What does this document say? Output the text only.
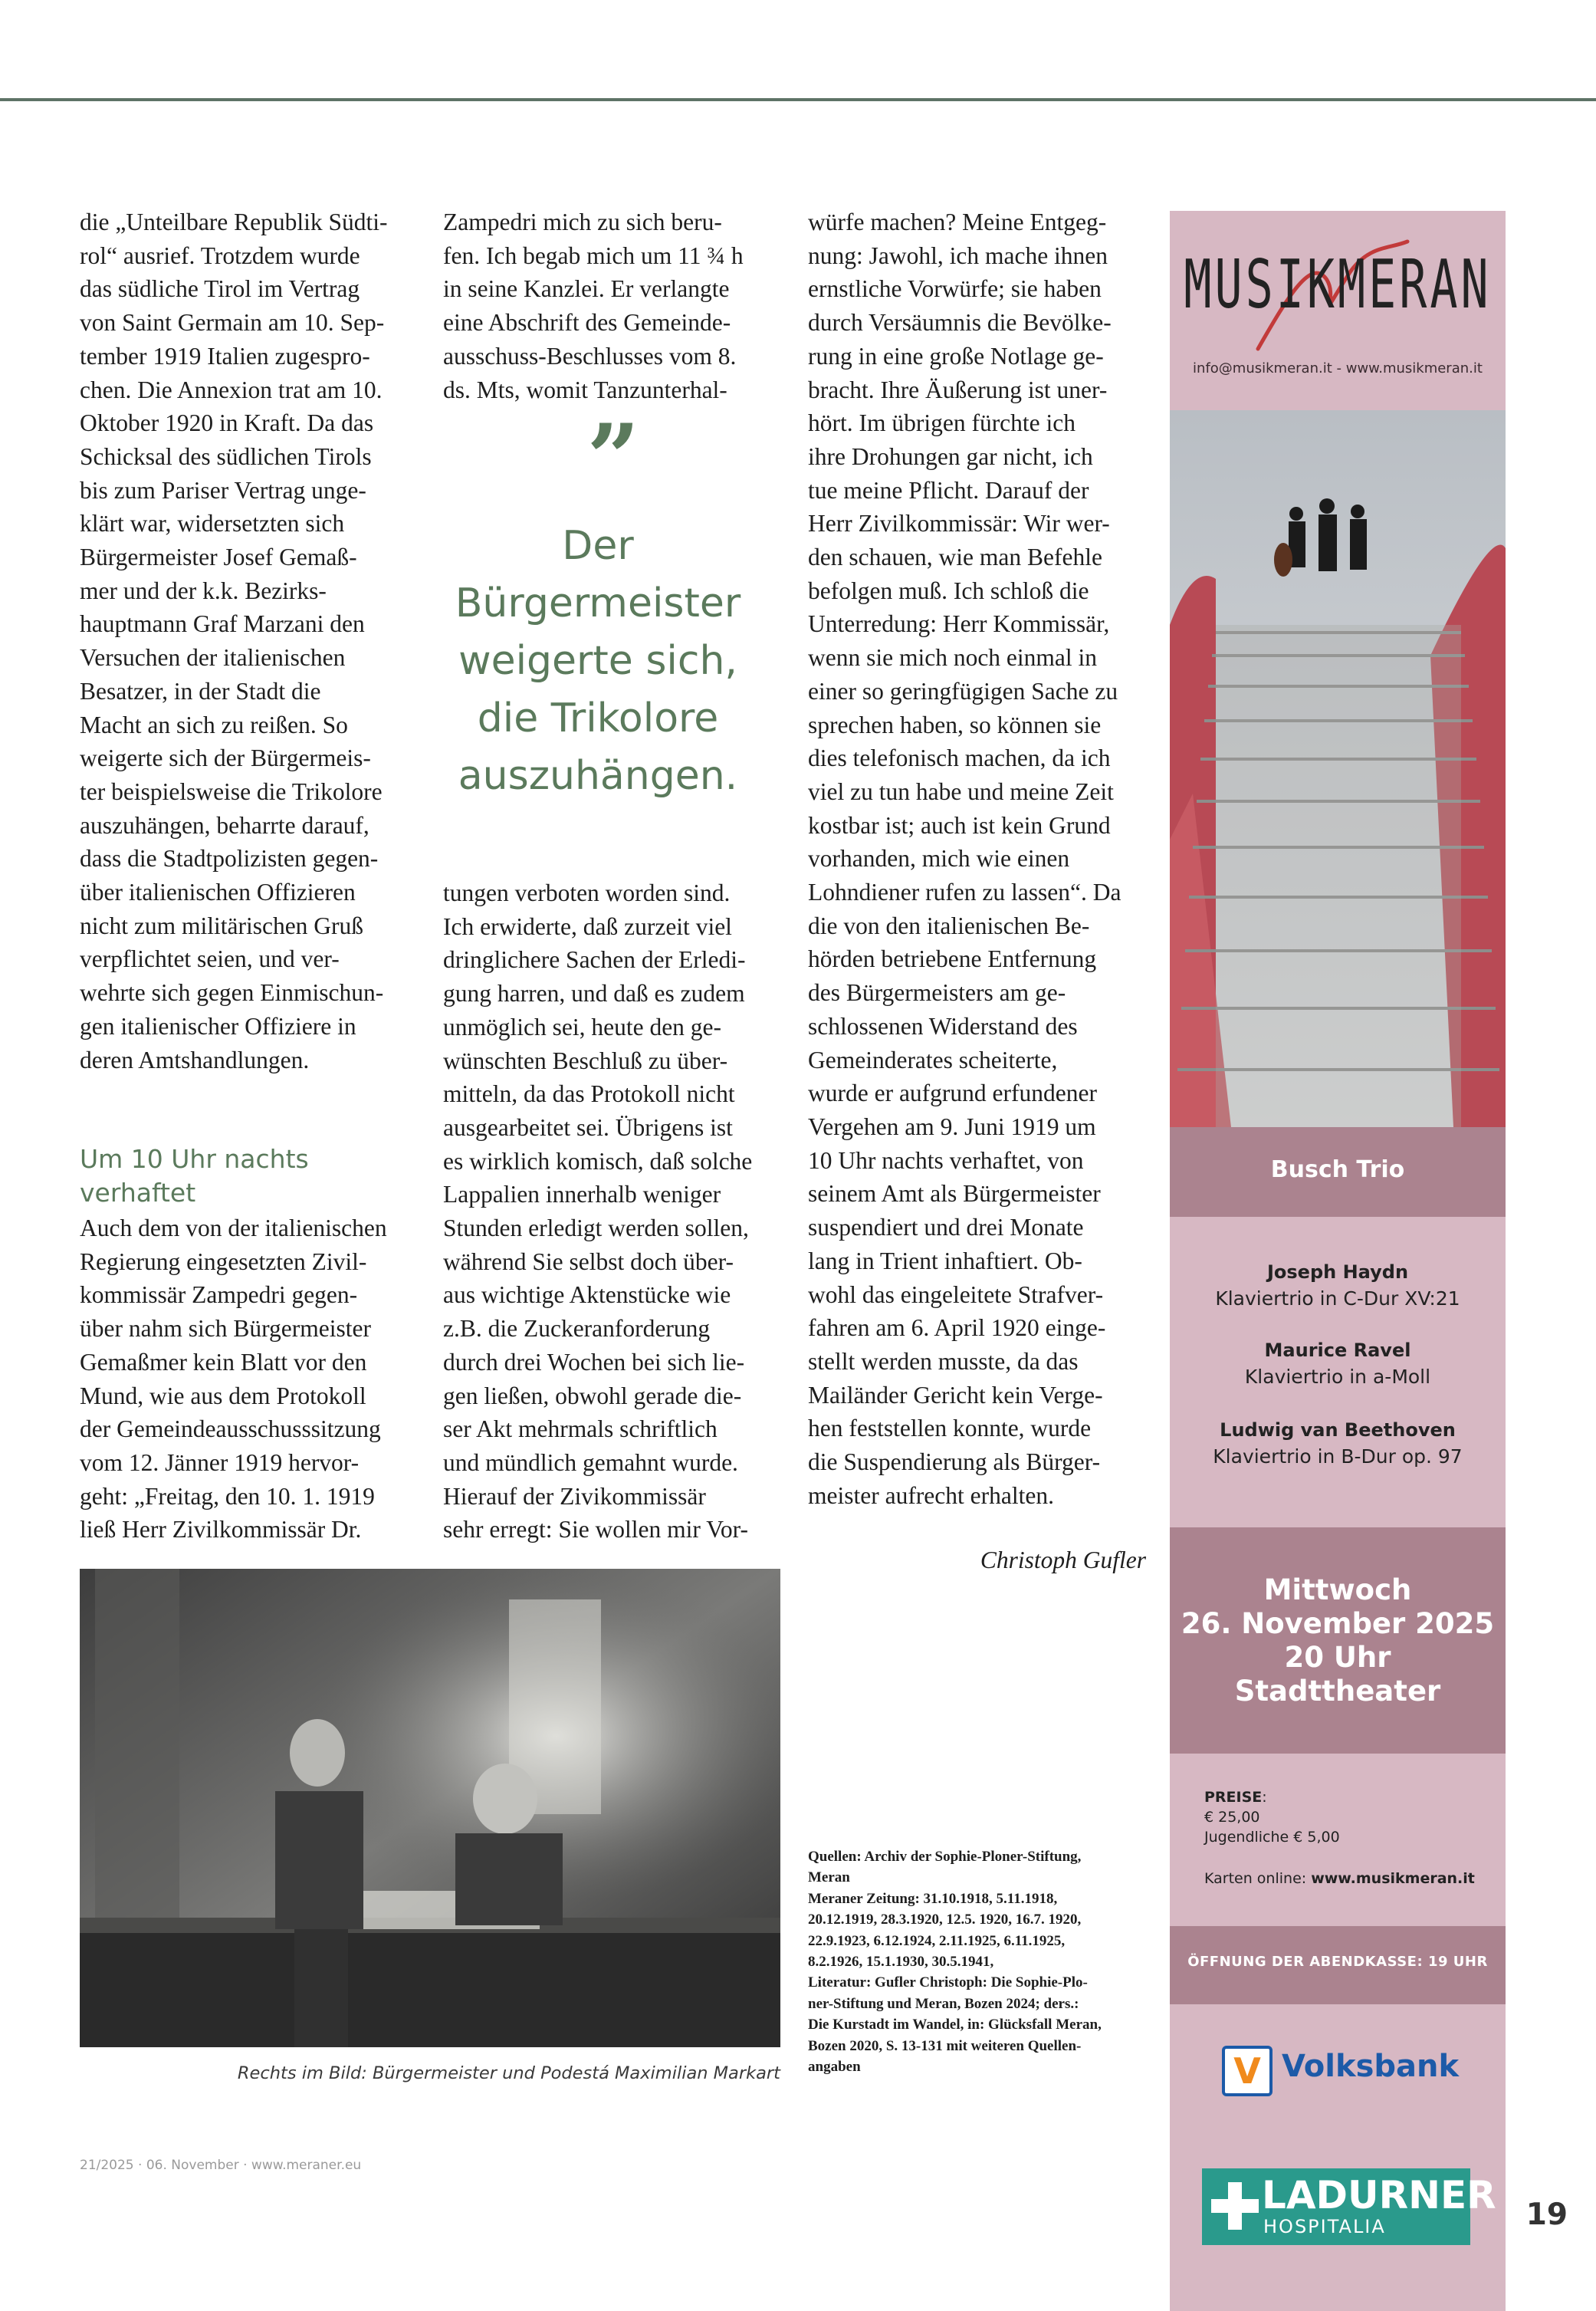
die „Unteilbare Republik Südti-
rol“ ausrief. Trotzdem wurde
das südliche Tirol im Vertrag
von Saint Germain am 10. Sep-
tember 1919 Italien zugespro-
chen. Die Annexion trat am 10.
Oktober 1920 in Kraft. Da das
Schicksal des südlichen Tirols
bis zum Pariser Vertrag unge-
klärt war, widersetzten sich
Bürgermeister Josef Gemaß-
mer und der k.k. Bezirks-
hauptmann Graf Marzani den
Versuchen der italienischen
Besatzer, in der Stadt die
Macht an sich zu reißen. So
weigerte sich der Bürgermeis-
ter beispielsweise die Trikolore
auszuhängen, beharrte darauf,
dass die Stadtpolizisten gegen-
über italienischen Offizieren
nicht zum militärischen Gruß
verpflichtet seien, und ver-
wehrte sich gegen Einmischun-
gen italienischer Offiziere in
deren Amtshandlungen.
Um 10 Uhr nachts
verhaftet
Auch dem von der italienischen
Regierung eingesetzten Zivil-
kommissär Zampedri gegen-
über nahm sich Bürgermeister
Gemaßmer kein Blatt vor den
Mund, wie aus dem Protokoll
der Gemeindeausschusssitzung
vom 12. Jänner 1919 hervor-
geht: „Freitag, den 10. 1. 1919
ließ Herr Zivilkommissär Dr.
Zampedri mich zu sich beru-
fen. Ich begab mich um 11 ¾ h
in seine Kanzlei. Er verlangte
eine Abschrift des Gemeinde-
ausschuss-Beschlusses vom 8.
ds. Mts, womit Tanzunterhal-
”
Der
Bürgermeister
weigerte sich,
die Trikolore
auszuhängen.
tungen verboten worden sind.
Ich erwiderte, daß zurzeit viel
dringlichere Sachen der Erledi-
gung harren, und daß es zudem
unmöglich sei, heute den ge-
wünschten Beschluß zu über-
mitteln, da das Protokoll nicht
ausgearbeitet sei. Übrigens ist
es wirklich komisch, daß solche
Lappalien innerhalb weniger
Stunden erledigt werden sollen,
während Sie selbst doch über-
aus wichtige Aktenstücke wie
z.B. die Zuckeranforderung
durch drei Wochen bei sich lie-
gen ließen, obwohl gerade die-
ser Akt mehrmals schriftlich
und mündlich gemahnt wurde.
Hierauf der Zivikommissär
sehr erregt: Sie wollen mir Vor-
würfe machen? Meine Entgeg-
nung: Jawohl, ich mache ihnen
ernstliche Vorwürfe; sie haben
durch Versäumnis die Bevölke-
rung in eine große Notlage ge-
bracht. Ihre Äußerung ist uner-
hört. Im übrigen fürchte ich
ihre Drohungen gar nicht, ich
tue meine Pflicht. Darauf der
Herr Zivilkommissär: Wir wer-
den schauen, wie man Befehle
befolgen muß. Ich schloß die
Unterredung: Herr Kommissär,
wenn sie mich noch einmal in
einer so geringfügigen Sache zu
sprechen haben, so können sie
dies telefonisch machen, da ich
viel zu tun habe und meine Zeit
kostbar ist; auch ist kein Grund
vorhanden, mich wie einen
Lohndiener rufen zu lassen“. Da
die von den italienischen Be-
hörden betriebene Entfernung
des Bürgermeisters am ge-
schlossenen Widerstand des
Gemeinderates scheiterte,
wurde er aufgrund erfundener
Vergehen am 9. Juni 1919 um
10 Uhr nachts verhaftet, von
seinem Amt als Bürgermeister
suspendiert und drei Monate
lang in Trient inhaftiert. Ob-
wohl das eingeleitete Strafver-
fahren am 6. April 1920 einge-
stellt werden musste, da das
Mailänder Gericht kein Verge-
hen feststellen konnte, wurde
die Suspendierung als Bürger-
meister aufrecht erhalten.
Christoph Gufler
Rechts im Bild: Bürgermeister und Podestá Maximilian Markart
Quellen: Archiv der Sophie-Ploner-Stiftung,
Meran
Meraner Zeitung: 31.10.1918, 5.11.1918,
20.12.1919, 28.3.1920, 12.5. 1920, 16.7. 1920,
22.9.1923, 6.12.1924, 2.11.1925, 6.11.1925,
8.2.1926, 15.1.1930, 30.5.1941,
Literatur: Gufler Christoph: Die Sophie-Plo-
ner-Stiftung und Meran, Bozen 2024; ders.:
Die Kurstadt im Wandel, in: Glücksfall Meran,
Bozen 2020, S. 13-131 mit weiteren Quellen-
angaben
MUSIKMERAN
info@musikmeran.it - www.musikmeran.it
Busch Trio
Joseph Haydn
Klaviertrio in C-Dur XV:21
Maurice Ravel
Klaviertrio in a-Moll
Ludwig van Beethoven
Klaviertrio in B-Dur op. 97
Mittwoch
26. November 2025
20 Uhr
Stadttheater
PREISE:
€ 25,00
Jugendliche € 5,00
Karten online: www.musikmeran.it
ÖFFNUNG DER ABENDKASSE: 19 UHR
V Volksbank
LADURNER
HOSPITALIA
21/2025 · 06. November · www.meraner.eu
19
